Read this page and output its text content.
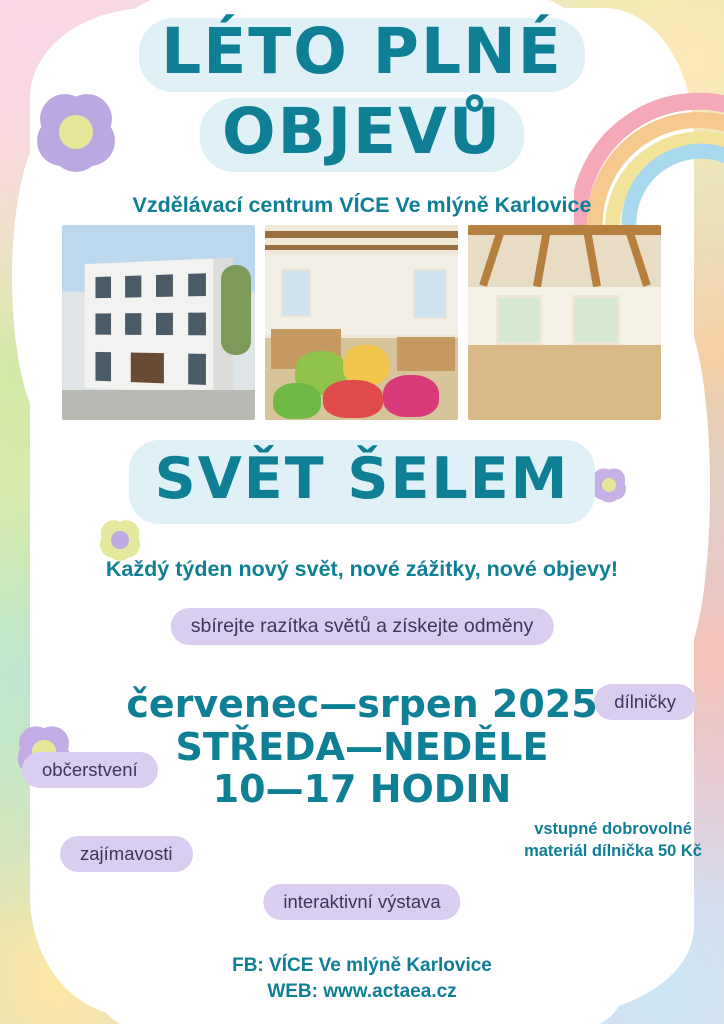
LÉTO PLNÉ
OBJEVŮ
Vzdělávací centrum VÍCE Ve mlýně Karlovice
SVĚT ŠELEM
Každý týden nový svět, nové zážitky, nové objevy!
sbírejte razítka světů a získejte odměny
dílničky
občerstvení
zajímavosti
interaktivní výstava
červenec—srpen 2025
STŘEDA—NEDĚLE
10—17 HODIN
vstupné dobrovolné
materiál dílnička 50 Kč
FB: VÍCE Ve mlýně Karlovice
WEB: www.actaea.cz
